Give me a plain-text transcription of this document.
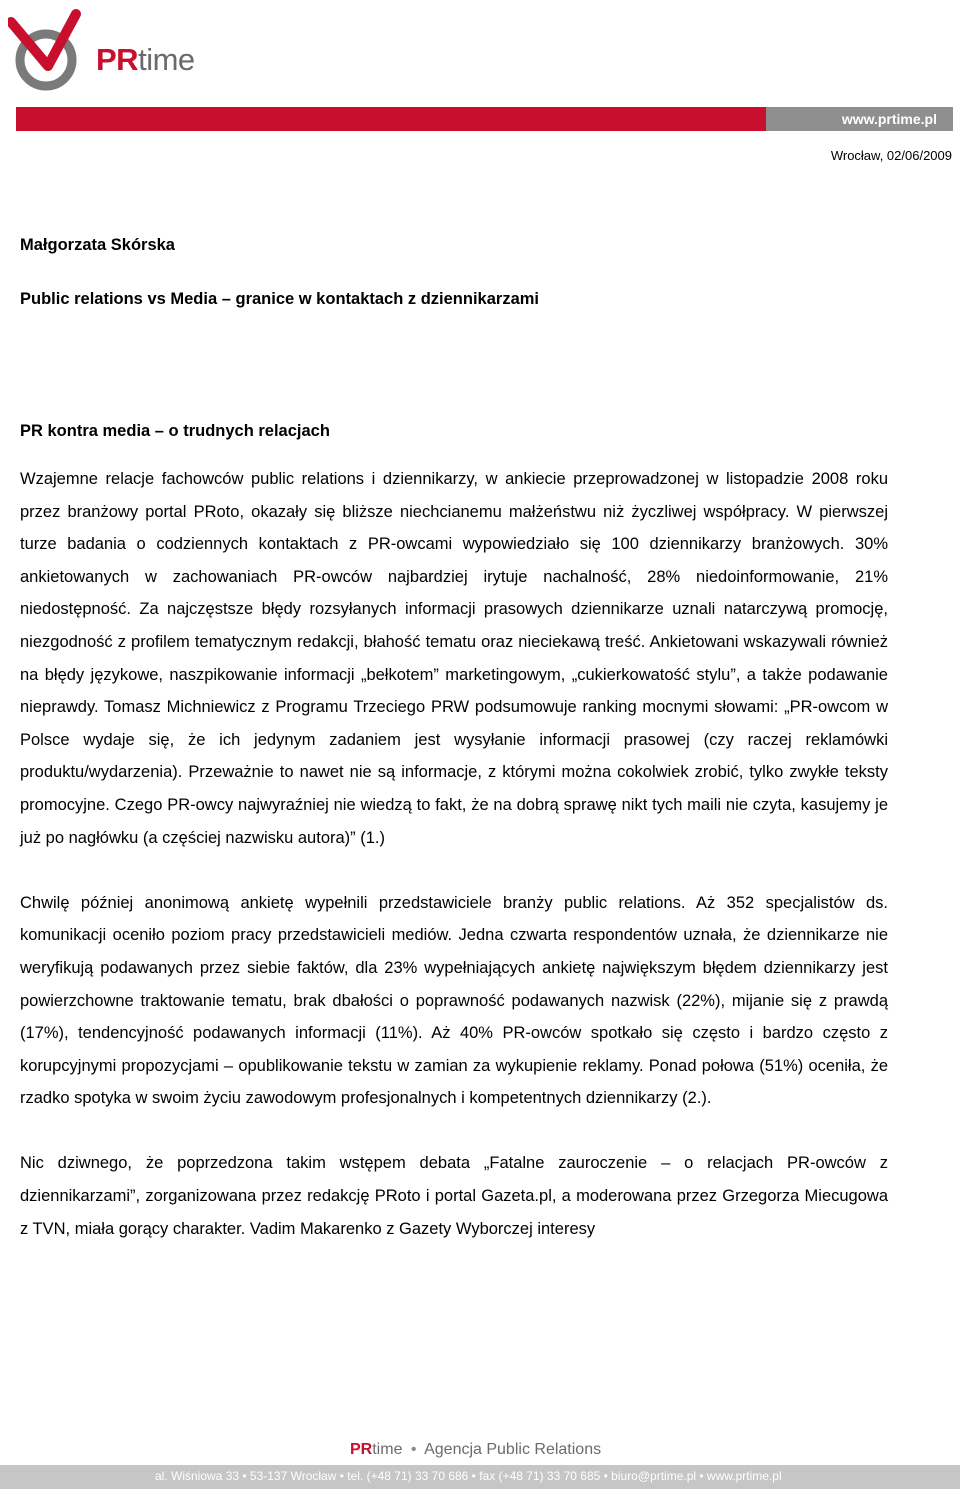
PRtime
www.prtime.pl
Wrocław, 02/06/2009
Małgorzata Skórska
Public relations vs Media – granice w kontaktach z dziennikarzami
PR kontra media – o trudnych relacjach

Wzajemne relacje fachowców public relations i dziennikarzy, w ankiecie przeprowadzonej w listopadzie 2008 roku przez branżowy portal PRoto, okazały się bliższe niechcianemu małżeństwu niż życzliwej współpracy. W pierwszej turze badania o codziennych kontaktach z PR-owcami wypowiedziało się 100 dziennikarzy branżowych. 30% ankietowanych w zachowaniach PR-owców najbardziej irytuje nachalność, 28% niedoinformowanie, 21% niedostępność. Za najczęstsze błędy rozsyłanych informacji prasowych dziennikarze uznali natarczywą promocję, niezgodność z profilem tematycznym redakcji, błahość tematu oraz nieciekawą treść. Ankietowani wskazywali również na błędy językowe, naszpikowanie informacji „bełkotem” marketingowym, „cukierkowatość stylu”, a także podawanie nieprawdy. Tomasz Michniewicz z Programu Trzeciego PRW podsumowuje ranking mocnymi słowami: „PR-owcom w Polsce wydaje się, że ich jedynym zadaniem jest wysyłanie informacji prasowej (czy raczej reklamówki produktu/wydarzenia). Przeważnie to nawet nie są informacje, z którymi można cokolwiek zrobić, tylko zwykłe teksty promocyjne. Czego PR-owcy najwyraźniej nie wiedzą to fakt, że na dobrą sprawę nikt tych maili nie czyta, kasujemy je już po nagłówku (a częściej nazwisku autora)” (1.)

Chwilę później anonimową ankietę wypełnili przedstawiciele branży public relations. Aż 352 specjalistów ds. komunikacji oceniło poziom pracy przedstawicieli mediów. Jedna czwarta respondentów uznała, że dziennikarze nie weryfikują podawanych przez siebie faktów, dla 23% wypełniających ankietę największym błędem dziennikarzy jest powierzchowne traktowanie tematu, brak dbałości o poprawność podawanych nazwisk (22%), mijanie się z prawdą (17%), tendencyjność podawanych informacji (11%). Aż 40% PR-owców spotkało się często i bardzo często z korupcyjnymi propozycjami – opublikowanie tekstu w zamian za wykupienie reklamy. Ponad połowa (51%) oceniła, że rzadko spotyka w swoim życiu zawodowym profesjonalnych i kompetentnych dziennikarzy (2.).

Nic dziwnego, że poprzedzona takim wstępem debata „Fatalne zauroczenie – o relacjach PR-owców z dziennikarzami”, zorganizowana przez redakcję PRoto i portal Gazeta.pl, a moderowana przez Grzegorza Miecugowa z TVN, miała gorący charakter. Vadim Makarenko z Gazety Wyborczej interesy

PRtime • Agencja Public Relations
al. Wiśniowa 33 • 53-137 Wrocław • tel. (+48 71) 33 70 686 • fax (+48 71) 33 70 685 • biuro@prtime.pl • www.prtime.pl
